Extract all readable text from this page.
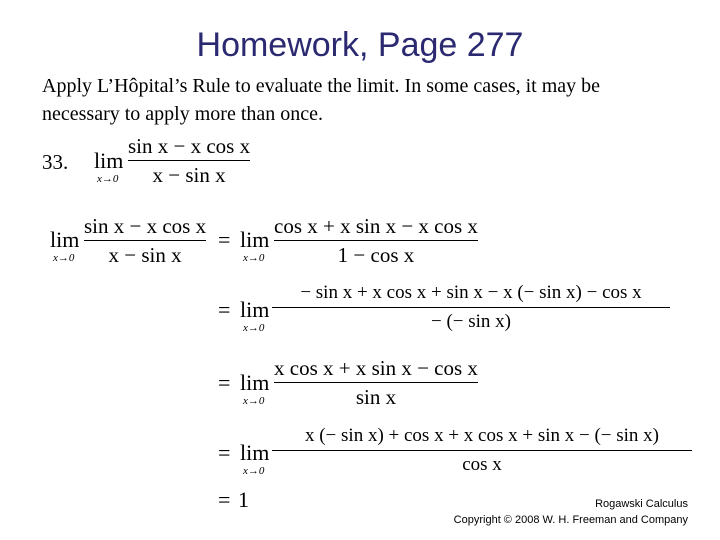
Homework, Page 277
Apply L’Hôpital’s Rule to evaluate the limit. In some cases, it may be necessary to apply more than once.
33. lim
x→0
sin x − x cos x
x − sin x
lim
x→0
sin x − x cos x
x − sin x
= lim
x→0
cos x + x sin x − x cos x
1 − cos x
= lim
x→0
− sin x + x cos x + sin x − x (− sin x) − cos x
− (− sin x)
= lim
x→0
x cos x + x sin x − cos x
sin x
= lim
x→0
x (− sin x) + cos x + x cos x + sin x − (− sin x)
cos x
= 1	Rogawski Calculus
Copyright © 2008 W. H. Freeman and Company
